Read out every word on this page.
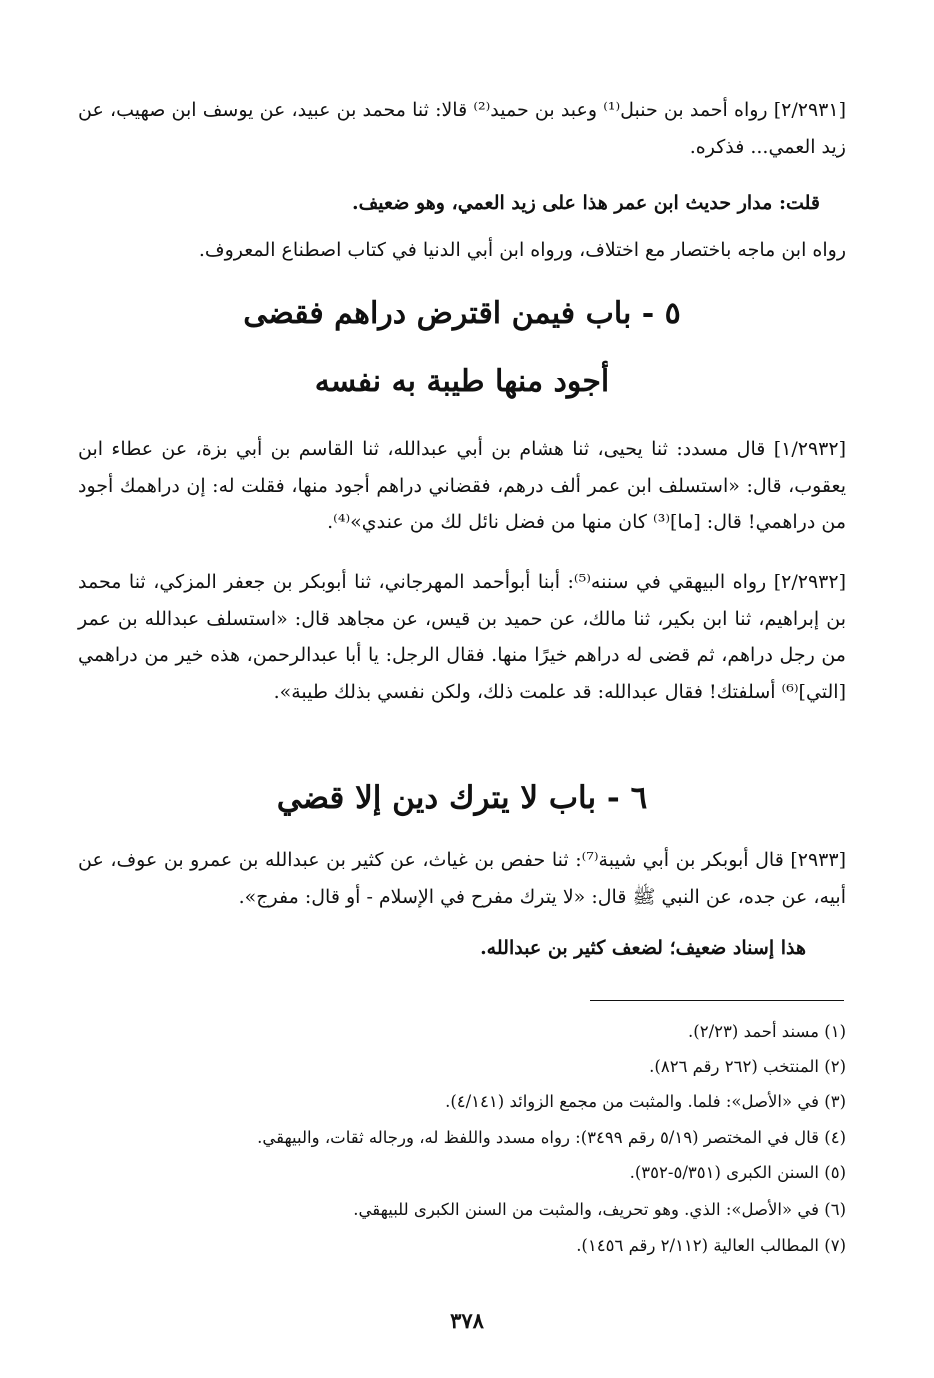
[٢/٢٩٣١] رواه أحمد بن حنبل⁽¹⁾ وعبد بن حميد⁽²⁾ قالا: ثنا محمد بن عبيد، عن يوسف ابن صهيب، عن زيد العمي... فذكره.

قلت: مدار حديث ابن عمر هذا على زيد العمي، وهو ضعيف.

رواه ابن ماجه باختصار مع اختلاف، ورواه ابن أبي الدنيا في كتاب اصطناع المعروف.

٥ - باب فيمن اقترض دراهم فقضى
أجود منها طيبة به نفسه

[١/٢٩٣٢] قال مسدد: ثنا يحيى، ثنا هشام بن أبي عبدالله، ثنا القاسم بن أبي بزة، عن عطاء ابن يعقوب، قال: «استسلف ابن عمر ألف درهم، فقضاني دراهم أجود منها، فقلت له: إن دراهمك أجود من دراهمي! قال: [ما]⁽³⁾ كان منها من فضل نائل لك من عندي»⁽⁴⁾.

[٢/٢٩٣٢] رواه البيهقي في سننه⁽⁵⁾: أبنا أبوأحمد المهرجاني، ثنا أبوبكر بن جعفر المزكي، ثنا محمد بن إبراهيم، ثنا ابن بكير، ثنا مالك، عن حميد بن قيس، عن مجاهد قال: «استسلف عبدالله بن عمر من رجل دراهم، ثم قضى له دراهم خيرًا منها. فقال الرجل: يا أبا عبدالرحمن، هذه خير من دراهمي [التي]⁽⁶⁾ أسلفتك! فقال عبدالله: قد علمت ذلك، ولكن نفسي بذلك طيبة».

٦ - باب لا يترك دين إلا قضي

[٢٩٣٣] قال أبوبكر بن أبي شيبة⁽⁷⁾: ثنا حفص بن غياث، عن كثير بن عبدالله بن عمرو بن عوف، عن أبيه، عن جده، عن النبي ﷺ قال: «لا يترك مفرح في الإسلام - أو قال: مفرج».

هذا إسناد ضعيف؛ لضعف كثير بن عبدالله.

(١) مسند أحمد (٢/٢٣).
(٢) المنتخب (٢٦٢ رقم ٨٢٦).
(٣) في «الأصل»: فلما. والمثبت من مجمع الزوائد (٤/١٤١).
(٤) قال في المختصر (٥/١٩ رقم ٣٤٩٩): رواه مسدد واللفظ له، ورجاله ثقات، والبيهقي.
(٥) السنن الكبرى (٥/٣٥١-٣٥٢).
(٦) في «الأصل»: الذي. وهو تحريف، والمثبت من السنن الكبرى للبيهقي.
(٧) المطالب العالية (٢/١١٢ رقم ١٤٥٦).
٣٧٨
